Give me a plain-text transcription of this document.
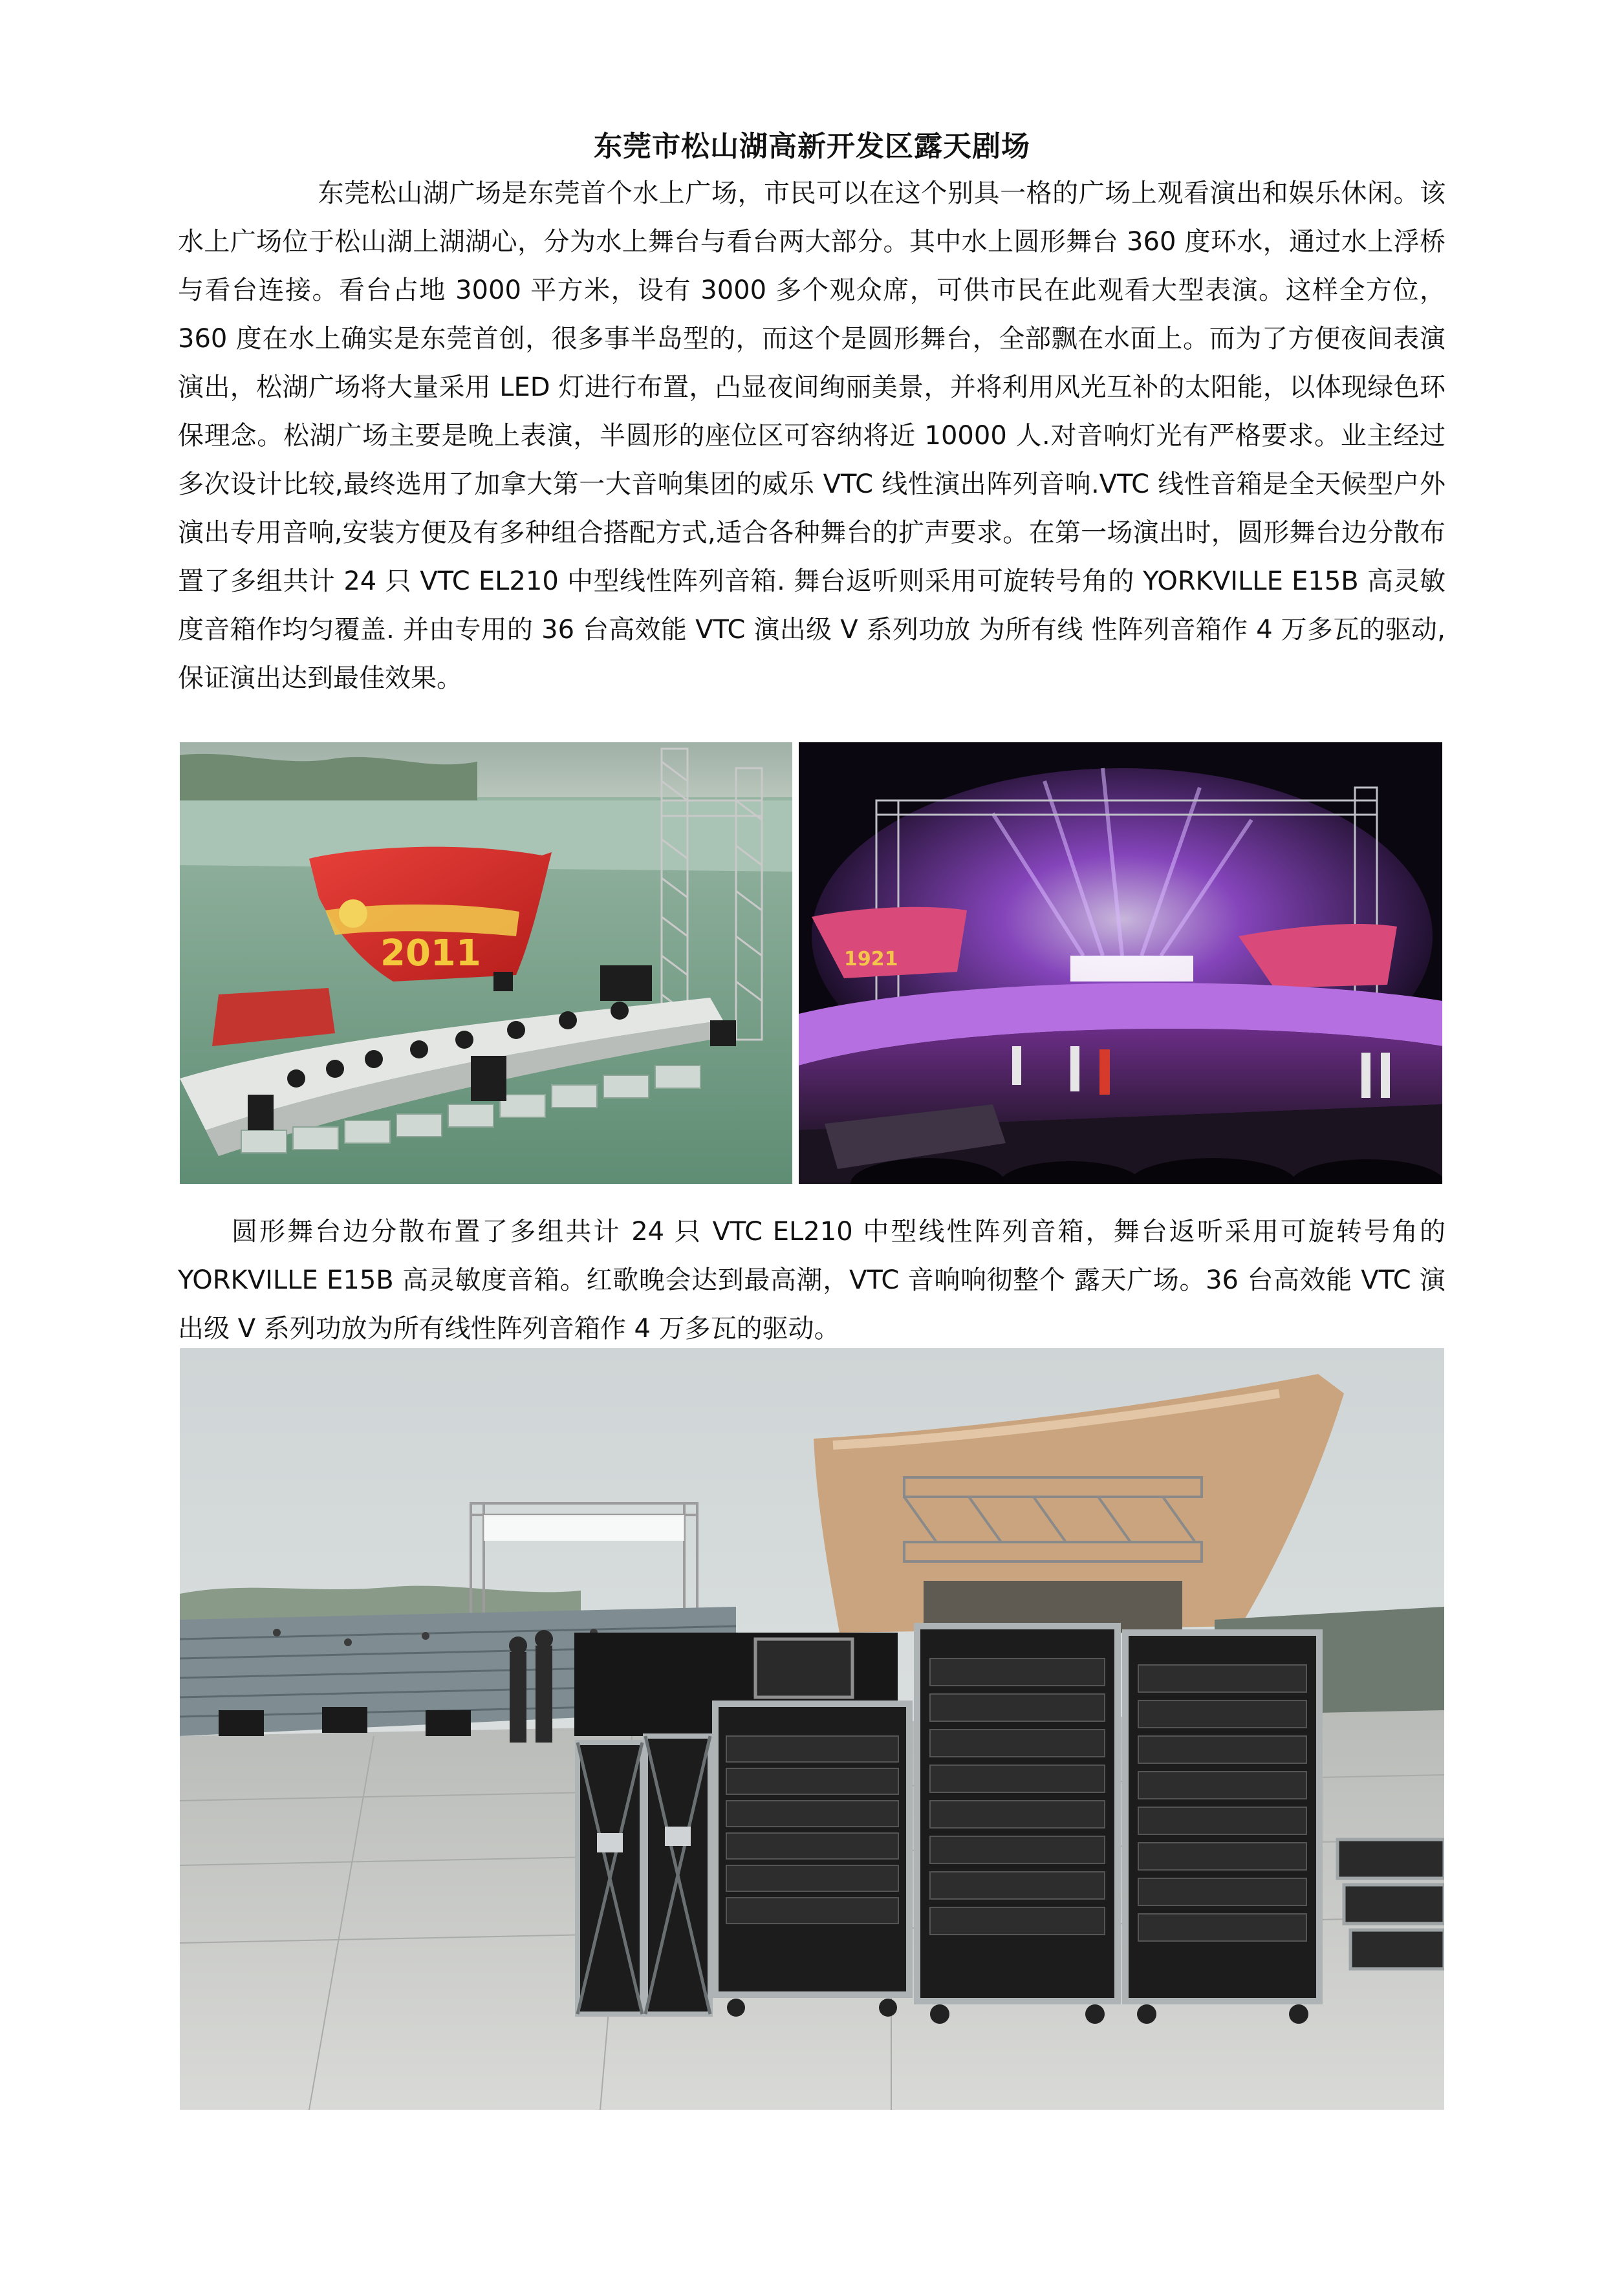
东莞市松山湖高新开发区露天剧场

东莞松山湖广场是东莞首个水上广场，市民可以在这个别具一格的广场上观看演出和娱乐休闲。该水上广场位于松山湖上湖湖心，分为水上舞台与看台两大部分。其中水上圆形舞台 360 度环水，通过水上浮桥与看台连接。看台占地 3000 平方米，设有 3000 多个观众席，可供市民在此观看大型表演。这样全方位，360 度在水上确实是东莞首创，很多事半岛型的，而这个是圆形舞台，全部飘在水面上。而为了方便夜间表演演出，松湖广场将大量采用 LED 灯进行布置，凸显夜间绚丽美景，并将利用风光互补的太阳能，以体现绿色环保理念。松湖广场主要是晚上表演，半圆形的座位区可容纳将近 10000 人.对音响灯光有严格要求。业主经过多次设计比较,最终选用了加拿大第一大音响集团的威乐 VTC 线性演出阵列音响.VTC 线性音箱是全天候型户外演出专用音响,安装方便及有多种组合搭配方式,适合各种舞台的扩声要求。在第一场演出时，圆形舞台边分散布置了多组共计 24 只 VTC EL210 中型线性阵列音箱. 舞台返听则采用可旋转号角的 YORKVILLE E15B 高灵敏度音箱作均匀覆盖. 并由专用的 36 台高效能 VTC 演出级 V 系列功放 为所有线 性阵列音箱作 4 万多瓦的驱动, 保证演出达到最佳效果。

2011	1921

圆形舞台边分散布置了多组共计 24 只 VTC EL210 中型线性阵列音箱，舞台返听采用可旋转号角的 YORKVILLE E15B 高灵敏度音箱。红歌晚会达到最高潮，VTC 音响响彻整个 露天广场。36 台高效能 VTC 演出级 V 系列功放为所有线性阵列音箱作 4 万多瓦的驱动。
